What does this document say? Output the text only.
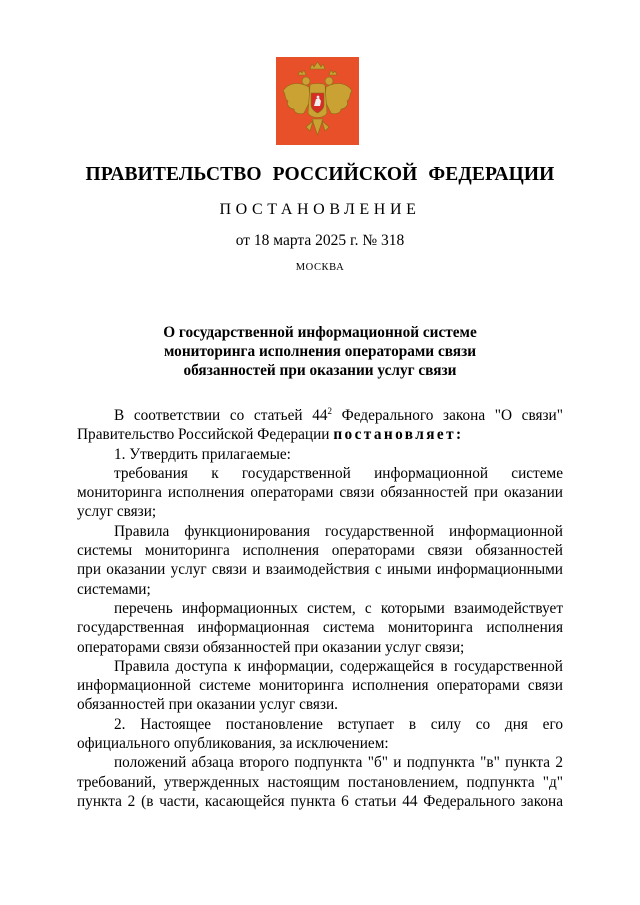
ПРАВИТЕЛЬСТВО РОССИЙСКОЙ ФЕДЕРАЦИИ
ПОСТАНОВЛЕНИЕ
от 18 марта 2025 г. № 318
МОСКВА
О государственной информационной системе
мониторинга исполнения операторами связи
обязанностей при оказании услуг связи

В соответствии со статьей $44^2$ Федерального закона "О связи"

Правительство Российской Федерации постановляет:

1. Утвердить прилагаемые:

требования к государственной информационной системе

мониторинга исполнения операторами связи обязанностей при оказании

услуг связи;

Правила функционирования государственной информационной

системы мониторинга исполнения операторами связи обязанностей

при оказании услуг связи и взаимодействия с иными информационными

системами;

перечень информационных систем, с которыми взаимодействует

государственная информационная система мониторинга исполнения

операторами связи обязанностей при оказании услуг связи;

Правила доступа к информации, содержащейся в государственной

информационной системе мониторинга исполнения операторами связи

обязанностей при оказании услуг связи.

2. Настоящее постановление вступает в силу со дня его

официального опубликования, за исключением:

положений абзаца второго подпункта "б" и подпункта "в" пункта 2

требований, утвержденных настоящим постановлением, подпункта "д"

пункта 2 (в части, касающейся пункта 6 статьи 44 Федерального закона
